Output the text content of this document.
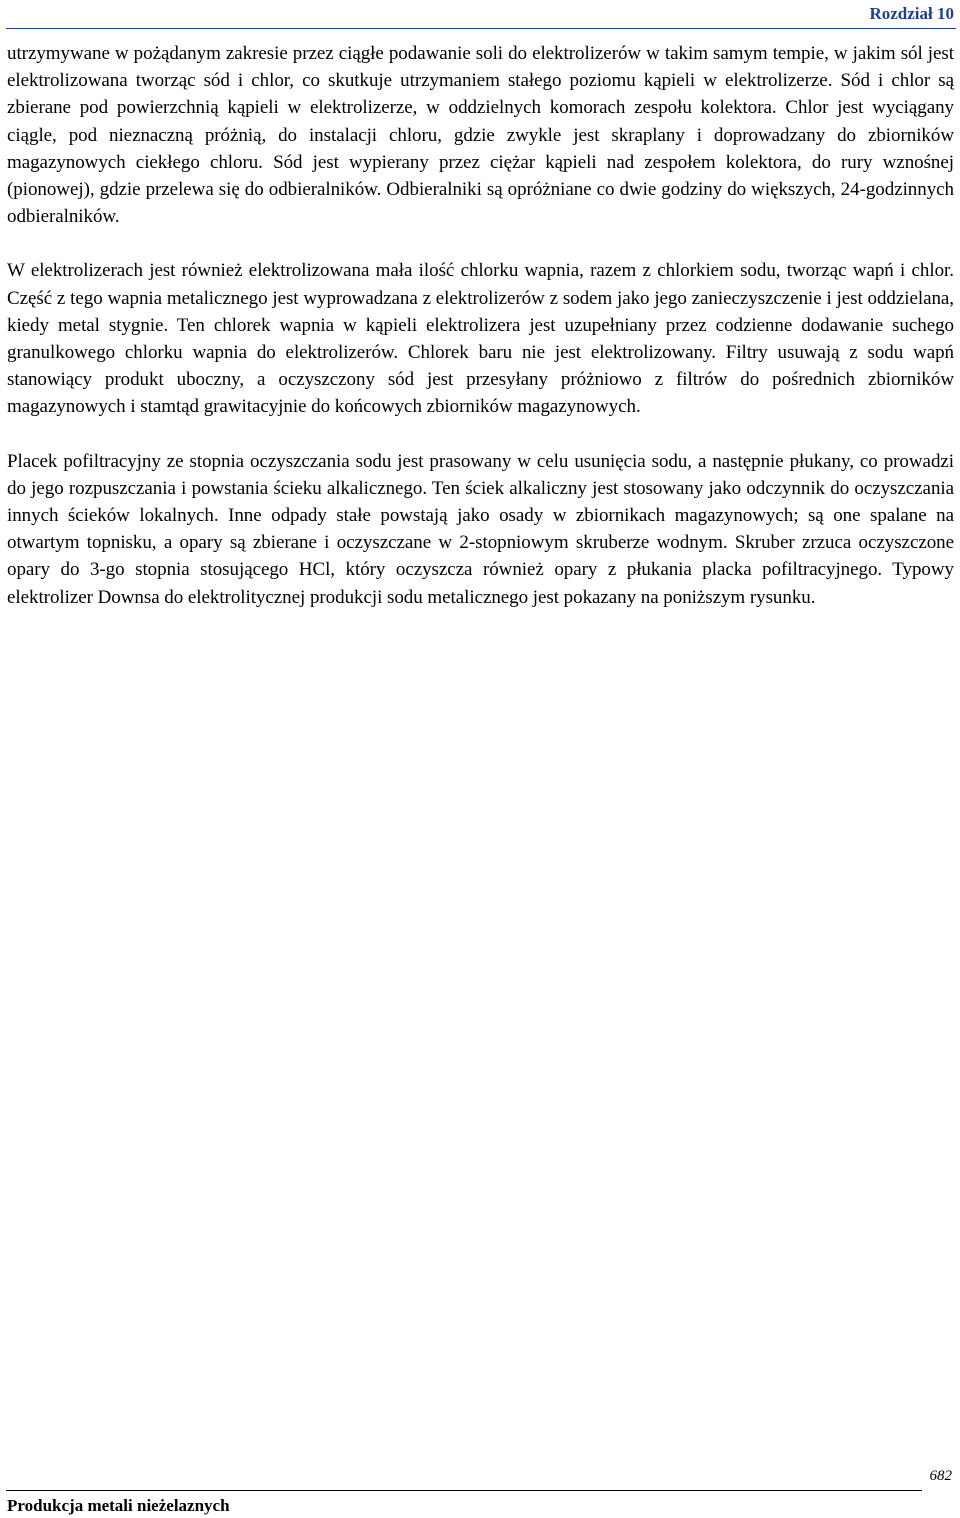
Rozdział 10

utrzymywane w pożądanym zakresie przez ciągłe podawanie soli do elektrolizerów w takim samym tempie, w jakim sól jest elektrolizowana tworząc sód i chlor, co skutkuje utrzymaniem stałego poziomu kąpieli w elektrolizerze. Sód i chlor są zbierane pod powierzchnią kąpieli w elektrolizerze, w oddzielnych komorach zespołu kolektora. Chlor jest wyciągany ciągle, pod nieznaczną próżnią, do instalacji chloru, gdzie zwykle jest skraplany i doprowadzany do zbiorników magazynowych ciekłego chloru. Sód jest wypierany przez ciężar kąpieli nad zespołem kolektora, do rury wznośnej (pionowej), gdzie przelewa się do odbieralników. Odbieralniki są opróżniane co dwie godziny do większych, 24-godzinnych odbieralników.

W elektrolizerach jest również elektrolizowana mała ilość chlorku wapnia, razem z chlorkiem sodu, tworząc wapń i chlor. Część z tego wapnia metalicznego jest wyprowadzana z elektrolizerów z sodem jako jego zanieczyszczenie i jest oddzielana, kiedy metal stygnie. Ten chlorek wapnia w kąpieli elektrolizera jest uzupełniany przez codzienne dodawanie suchego granulkowego chlorku wapnia do elektrolizerów. Chlorek baru nie jest elektrolizowany. Filtry usuwają z sodu wapń stanowiący produkt uboczny, a oczyszczony sód jest przesyłany próżniowo z filtrów do pośrednich zbiorników magazynowych i stamtąd grawitacyjnie do końcowych zbiorników magazynowych.

Placek pofiltracyjny ze stopnia oczyszczania sodu jest prasowany w celu usunięcia sodu, a następnie płukany, co prowadzi do jego rozpuszczania i powstania ścieku alkalicznego. Ten ściek alkaliczny jest stosowany jako odczynnik do oczyszczania innych ścieków lokalnych. Inne odpady stałe powstają jako osady w zbiornikach magazynowych; są one spalane na otwartym topnisku, a opary są zbierane i oczyszczane w 2-stopniowym skruberze wodnym. Skruber zrzuca oczyszczone opary do 3-go stopnia stosującego HCl, który oczyszcza również opary z płukania placka pofiltracyjnego. Typowy elektrolizer Downsa do elektrolitycznej produkcji sodu metalicznego jest pokazany na poniższym rysunku.

682
Produkcja metali nieżelaznych
